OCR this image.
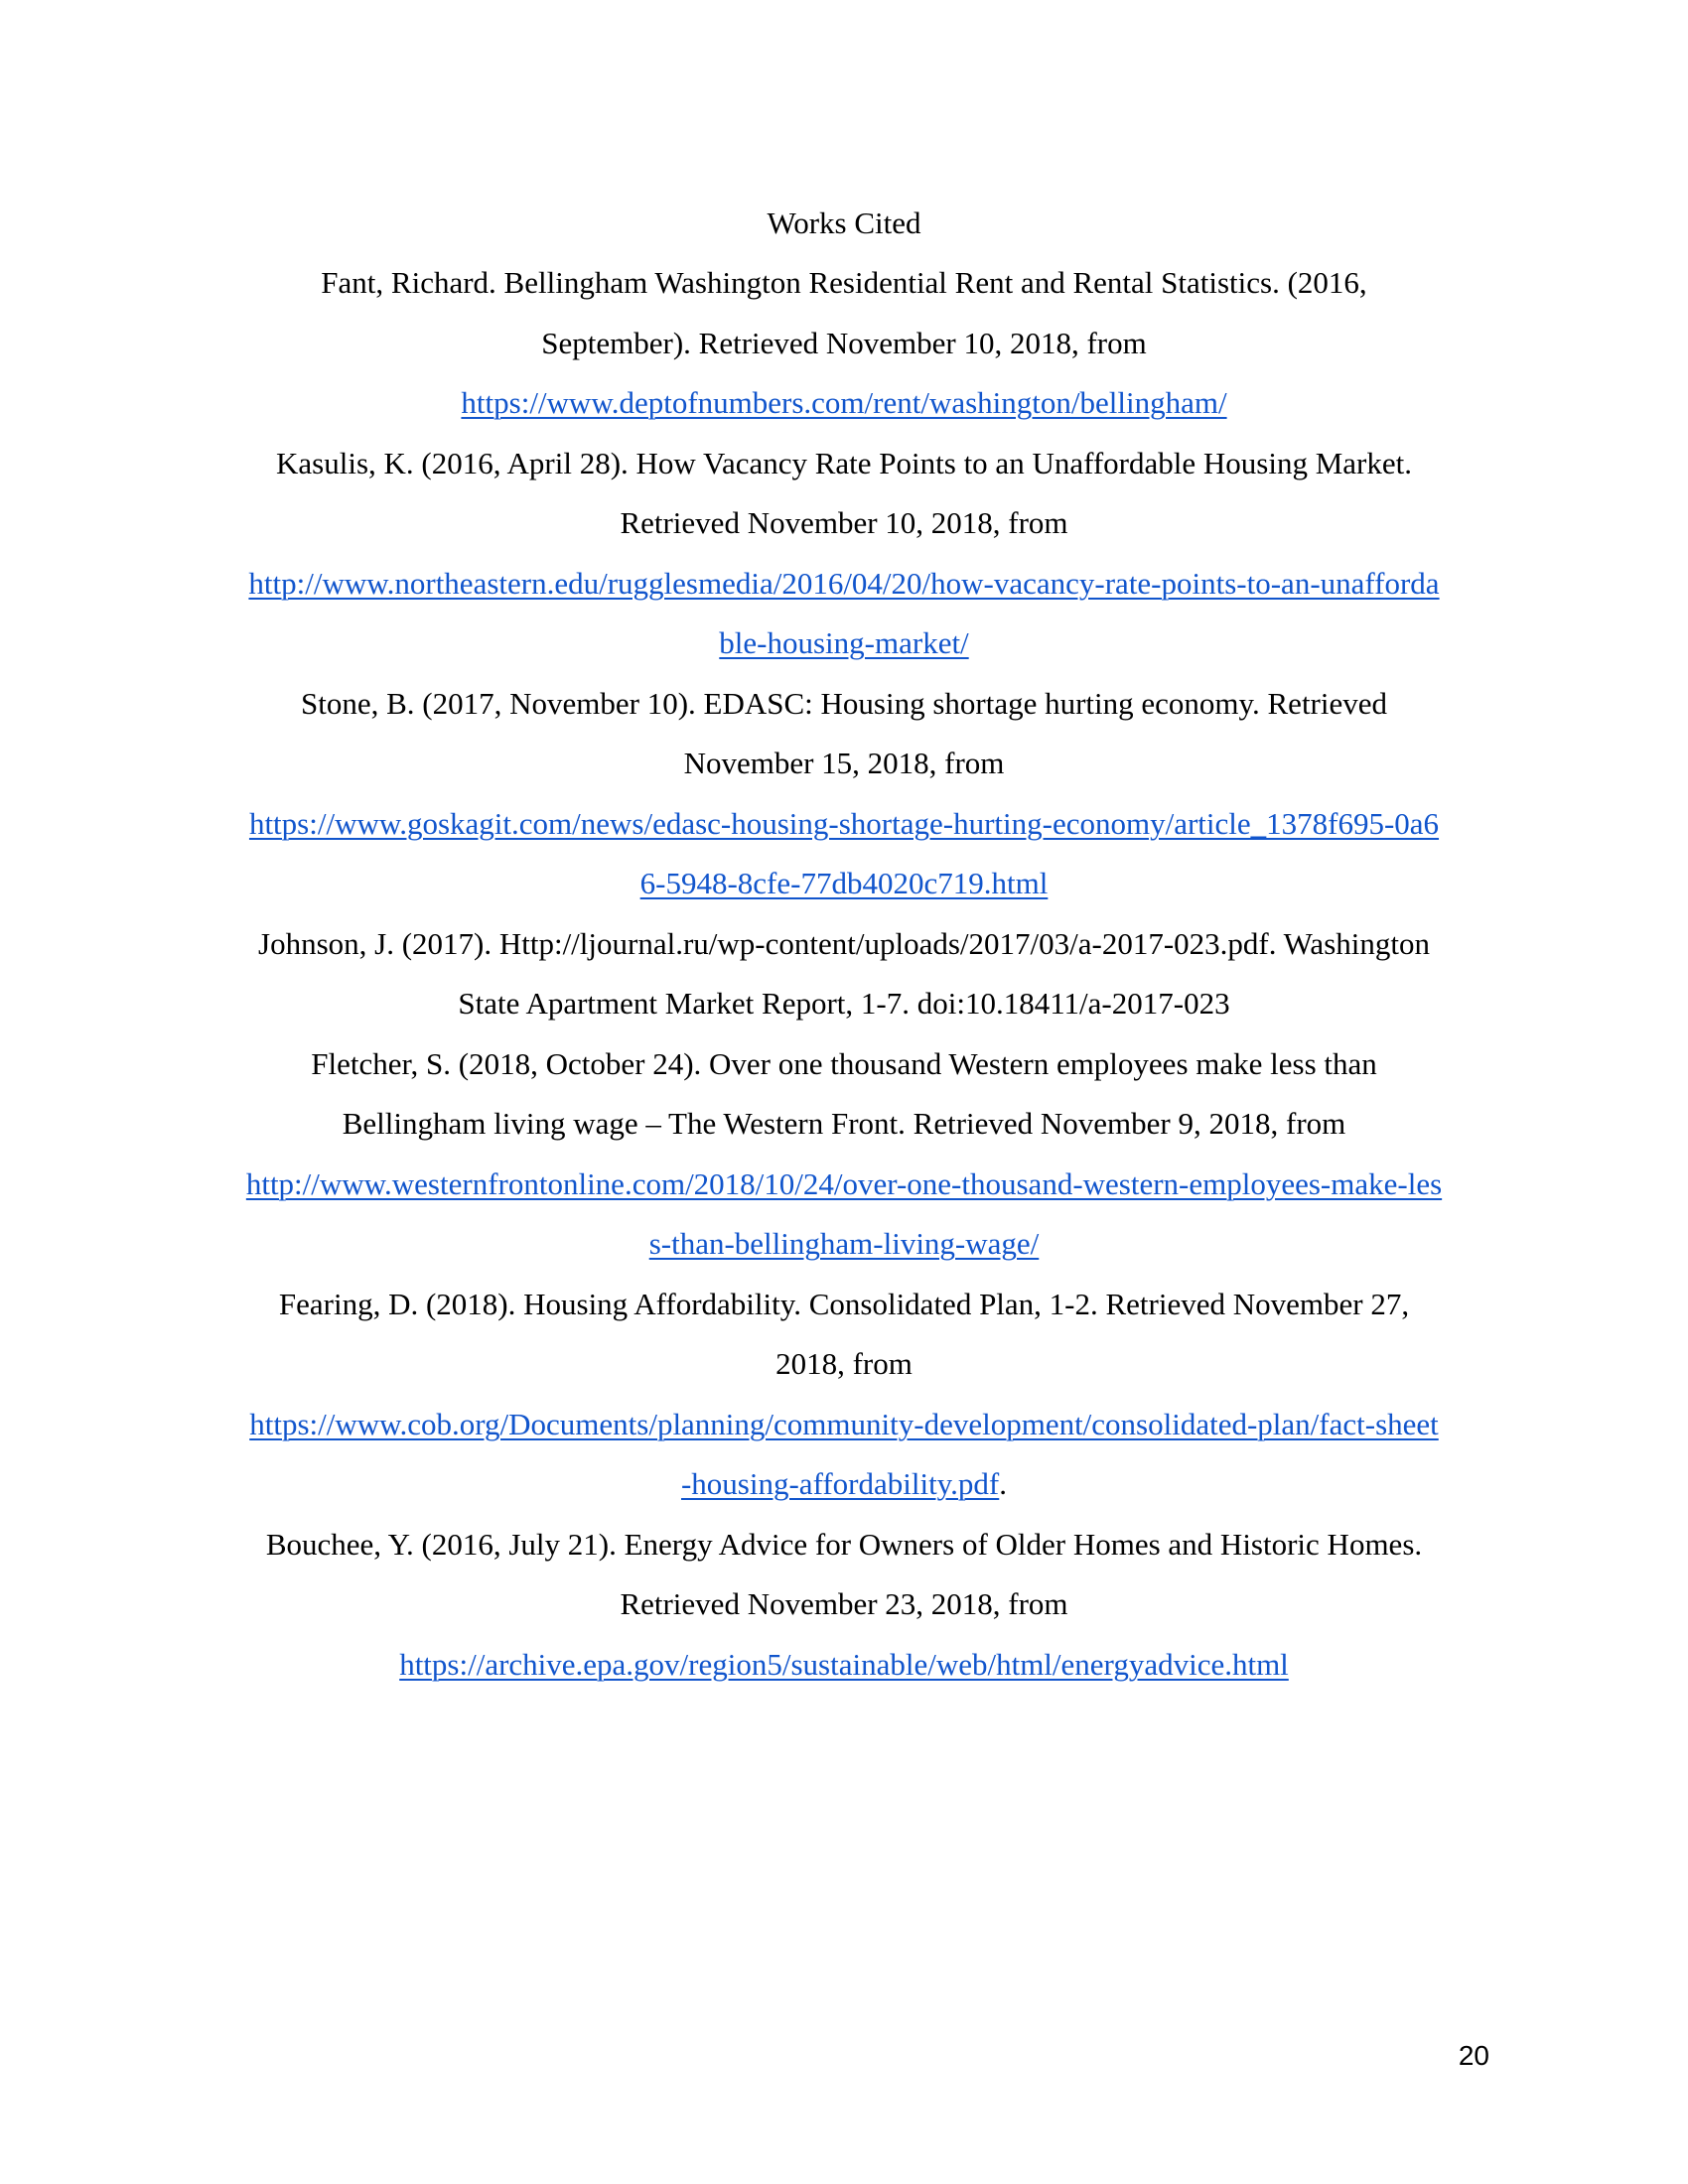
Works Cited
Fant, Richard. Bellingham Washington Residential Rent and Rental Statistics. (2016,
September). Retrieved November 10, 2018, from
https://www.deptofnumbers.com/rent/washington/bellingham/
Kasulis, K. (2016, April 28). How Vacancy Rate Points to an Unaffordable Housing Market.
Retrieved November 10, 2018, from
http://www.northeastern.edu/rugglesmedia/2016/04/20/how-vacancy-rate-points-to-an-unafforda
ble-housing-market/
Stone, B. (2017, November 10). EDASC: Housing shortage hurting economy. Retrieved
November 15, 2018, from
https://www.goskagit.com/news/edasc-housing-shortage-hurting-economy/article_1378f695-0a6
6-5948-8cfe-77db4020c719.html
Johnson, J. (2017). Http://ljournal.ru/wp-content/uploads/2017/03/a-2017-023.pdf. Washington
State Apartment Market Report, 1-7. doi:10.18411/a-2017-023
Fletcher, S. (2018, October 24). Over one thousand Western employees make less than
Bellingham living wage – The Western Front. Retrieved November 9, 2018, from
http://www.westernfrontonline.com/2018/10/24/over-one-thousand-western-employees-make-les
s-than-bellingham-living-wage/
Fearing, D. (2018). Housing Affordability. Consolidated Plan, 1-2. Retrieved November 27,
2018, from
https://www.cob.org/Documents/planning/community-development/consolidated-plan/fact-sheet
-housing-affordability.pdf.
Bouchee, Y. (2016, July 21). Energy Advice for Owners of Older Homes and Historic Homes.
Retrieved November 23, 2018, from
https://archive.epa.gov/region5/sustainable/web/html/energyadvice.html
20
